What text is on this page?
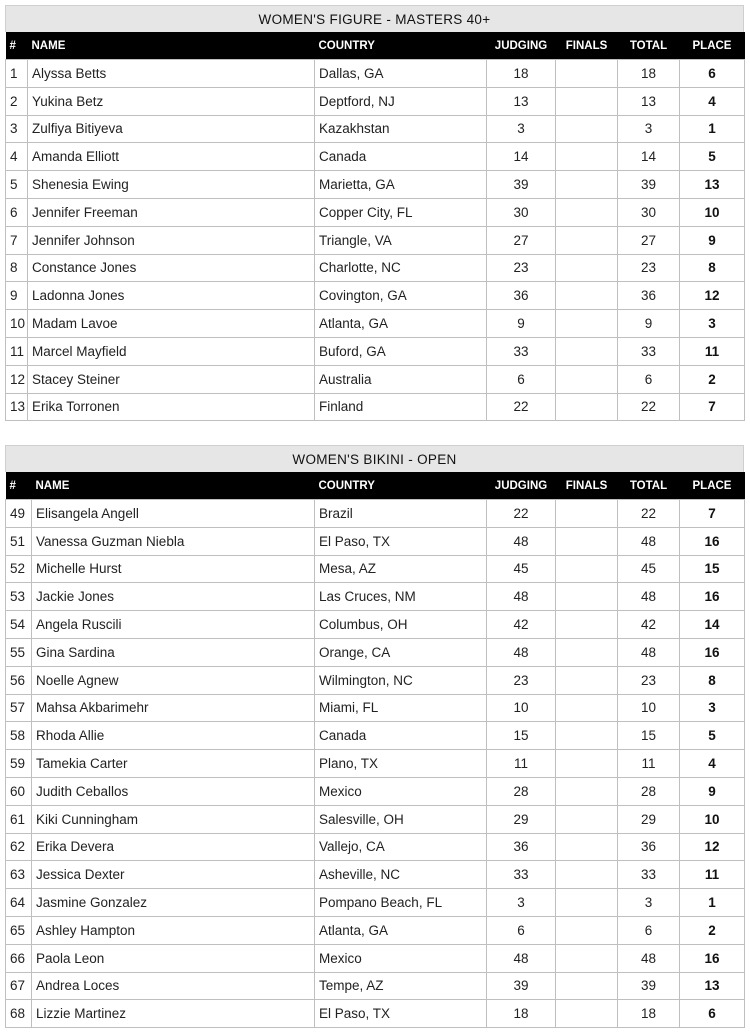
WOMEN'S FIGURE - MASTERS 40+
#	NAME	COUNTRY	JUDGING	FINALS	TOTAL	PLACE
1	Alyssa Betts	Dallas, GA	18		18	6
2	Yukina Betz	Deptford, NJ	13		13	4
3	Zulfiya Bitiyeva	Kazakhstan	3		3	1
4	Amanda Elliott	Canada	14		14	5
5	Shenesia Ewing	Marietta, GA	39		39	13
6	Jennifer Freeman	Copper City, FL	30		30	10
7	Jennifer Johnson	Triangle, VA	27		27	9
8	Constance Jones	Charlotte, NC	23		23	8
9	Ladonna Jones	Covington, GA	36		36	12
10	Madam Lavoe	Atlanta, GA	9		9	3
11	Marcel Mayfield	Buford, GA	33		33	11
12	Stacey Steiner	Australia	6		6	2
13	Erika Torronen	Finland	22		22	7
WOMEN'S BIKINI - OPEN
#	NAME	COUNTRY	JUDGING	FINALS	TOTAL	PLACE
49	Elisangela Angell	Brazil	22		22	7
51	Vanessa Guzman Niebla	El Paso, TX	48		48	16
52	Michelle Hurst	Mesa, AZ	45		45	15
53	Jackie Jones	Las Cruces, NM	48		48	16
54	Angela Ruscili	Columbus, OH	42		42	14
55	Gina Sardina	Orange, CA	48		48	16
56	Noelle Agnew	Wilmington, NC	23		23	8
57	Mahsa Akbarimehr	Miami, FL	10		10	3
58	Rhoda Allie	Canada	15		15	5
59	Tamekia Carter	Plano, TX	11		11	4
60	Judith Ceballos	Mexico	28		28	9
61	Kiki Cunningham	Salesville, OH	29		29	10
62	Erika Devera	Vallejo, CA	36		36	12
63	Jessica Dexter	Asheville, NC	33		33	11
64	Jasmine Gonzalez	Pompano Beach, FL	3		3	1
65	Ashley Hampton	Atlanta, GA	6		6	2
66	Paola Leon	Mexico	48		48	16
67	Andrea Loces	Tempe, AZ	39		39	13
68	Lizzie Martinez	El Paso, TX	18		18	6
